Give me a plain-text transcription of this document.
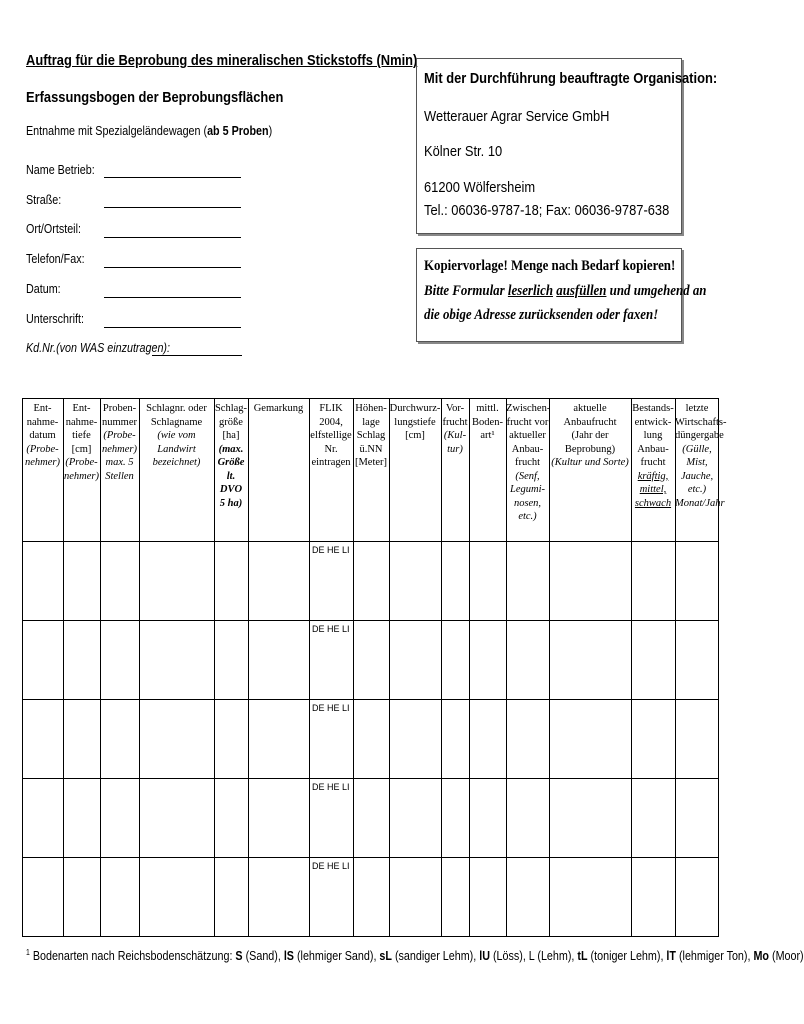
Auftrag für die Beprobung des mineralischen Stickstoffs (Nmin)
Erfassungsbogen der Beprobungsflächen
Entnahme mit Spezialgeländewagen (ab 5 Proben)
Name Betrieb:
Straße:
Ort/Ortsteil:
Telefon/Fax:
Datum:
Unterschrift:
Kd.Nr.(von WAS einzutragen):
Mit der Durchführung beauftragte Organisation:
Wetterauer Agrar Service GmbH
Kölner Str. 10
61200 Wölfersheim
Tel.: 06036-9787-18; Fax: 06036-9787-638
Kopiervorlage! Menge nach Bedarf kopieren!
Bitte Formular leserlich ausfüllen und umgehend an
die obige Adresse zurücksenden oder faxen!
Ent-
nahme-
datum
(Probe-
nehmer)
Ent-
nahme-
tiefe
[cm]
(Probe-
nehmer)
Proben-
nummer
(Probe-
nehmer)
max. 5
Stellen
Schlagnr. oder
Schlagname
(wie vom Landwirt
bezeichnet)
Schlag-
größe
[ha]
(max.
Größe
lt.
DVO
5 ha)
Gemarkung	FLIK
2004,
elfstellige
Nr.
eintragen
Höhen-
lage
Schlag
ü.NN
[Meter]
Durchwurz-
lungstiefe
[cm]
Vor-
frucht
(Kul-
tur)
mittl.
Boden-
art¹
Zwischen-
frucht vor
aktueller
Anbau-
frucht
(Senf,
Legumi-
nosen, etc.)
aktuelle
Anbaufrucht
(Jahr der Beprobung)
(Kultur und Sorte)
Bestands-
entwick-
lung
Anbau-
frucht
kräftig,
mittel,
schwach
letzte
Wirtschafts-
düngergabe
(Gülle,
Mist,
Jauche,
etc.)
Monat/Jahr
DE HE LI
DE HE LI
DE HE LI
DE HE LI
DE HE LI
$^1$ Bodenarten nach Reichsbodenschätzung: S (Sand), lS (lehmiger Sand), sL (sandiger Lehm), lU (Löss), L (Lehm), tL (toniger Lehm), lT (lehmiger Ton), Mo (Moor)
